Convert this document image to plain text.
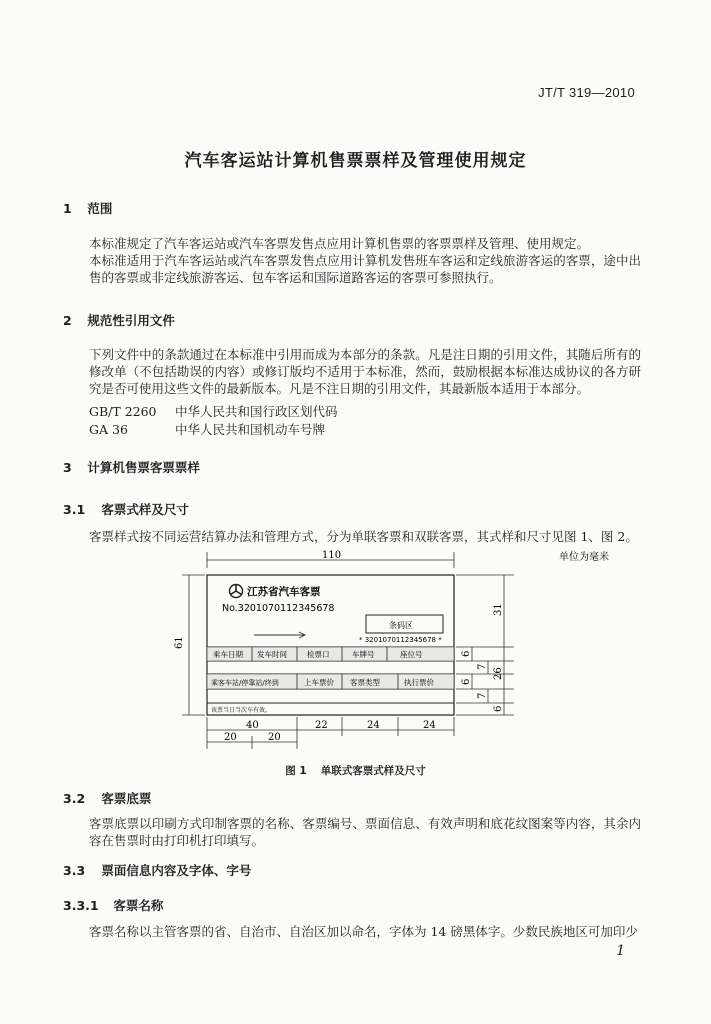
JT/T 319—2010
汽车客运站计算机售票票样及管理使用规定
1 范围
本标准规定了汽车客运站或汽车客票发售点应用计算机售票的客票票样及管理、使用规定。
本标准适用于汽车客运站或汽车客票发售点应用计算机发售班车客运和定线旅游客运的客票，途中出售的客票或非定线旅游客运、包车客运和国际道路客运的客票可参照执行。
2 规范性引用文件
下列文件中的条款通过在本标准中引用而成为本部分的条款。凡是注日期的引用文件，其随后所有的修改单（不包括勘误的内容）或修订版均不适用于本标准，然而，鼓励根据本标准达成协议的各方研究是否可使用这些文件的最新版本。凡是不注日期的引用文件，其最新版本适用于本部分。
GB/T 2260 中华人民共和国行政区划代码
GA 36	中华人民共和国机动车号牌
3 计算机售票客票票样
3.1 客票式样及尺寸
客票样式按不同运营结算办法和管理方式，分为单联客票和双联客票，其式样和尺寸见图 1、图 2。
单位为毫米
110
江苏省汽车客票
No.3201070112345678
条码区
* 3201070112345678 *
乘车日期 发车时间	检票口	车牌号	座位号
乘客车站/停靠站/终到	上车票价 客票类型	执行票价
该票当日当次车有效。
61
31
26
6
7
6
7
6
40	22	24	24
20	20
图 1 单联式客票式样及尺寸
3.2 客票底票
客票底票以印刷方式印制客票的名称、客票编号、票面信息、有效声明和底花纹图案等内容，其余内容在售票时由打印机打印填写。
3.3 票面信息内容及字体、字号
3.3.1 客票名称
客票名称以主管客票的省、自治市、自治区加以命名，字体为 14 磅黑体字。少数民族地区可加印少
1
